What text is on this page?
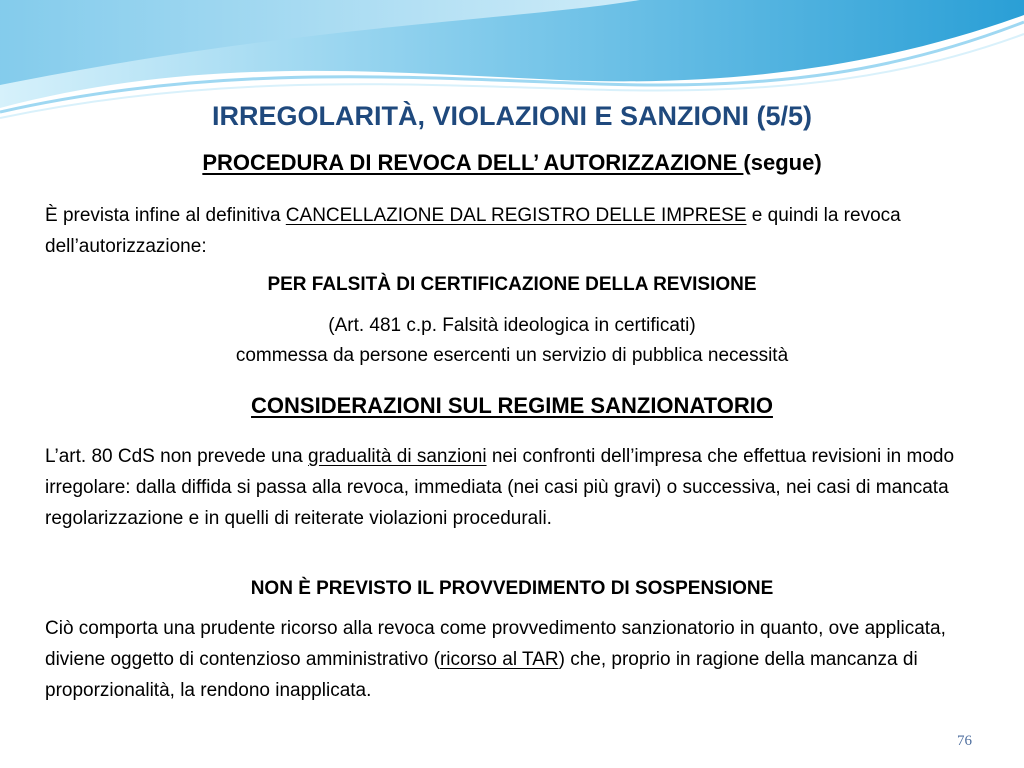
IRREGOLARITÀ, VIOLAZIONI E SANZIONI (5/5)
PROCEDURA DI REVOCA DELL’ AUTORIZZAZIONE (segue)
È prevista infine al definitiva CANCELLAZIONE DAL REGISTRO DELLE IMPRESE e quindi la revoca dell’autorizzazione:
PER FALSITÀ DI CERTIFICAZIONE DELLA REVISIONE
(Art. 481 c.p. Falsità ideologica in certificati)
commessa da persone esercenti un servizio di pubblica necessità
CONSIDERAZIONI SUL REGIME SANZIONATORIO
L’art. 80 CdS non prevede una gradualità di sanzioni nei confronti dell’impresa che effettua revisioni in modo irregolare: dalla diffida si passa alla revoca, immediata (nei casi più gravi) o successiva, nei casi di mancata regolarizzazione e in quelli di reiterate violazioni procedurali.
NON È PREVISTO IL PROVVEDIMENTO DI SOSPENSIONE
Ciò comporta una prudente ricorso alla revoca come provvedimento sanzionatorio in quanto, ove applicata, diviene oggetto di contenzioso amministrativo (ricorso al TAR) che, proprio in ragione della mancanza di proporzionalità, la rendono inapplicata.
76
